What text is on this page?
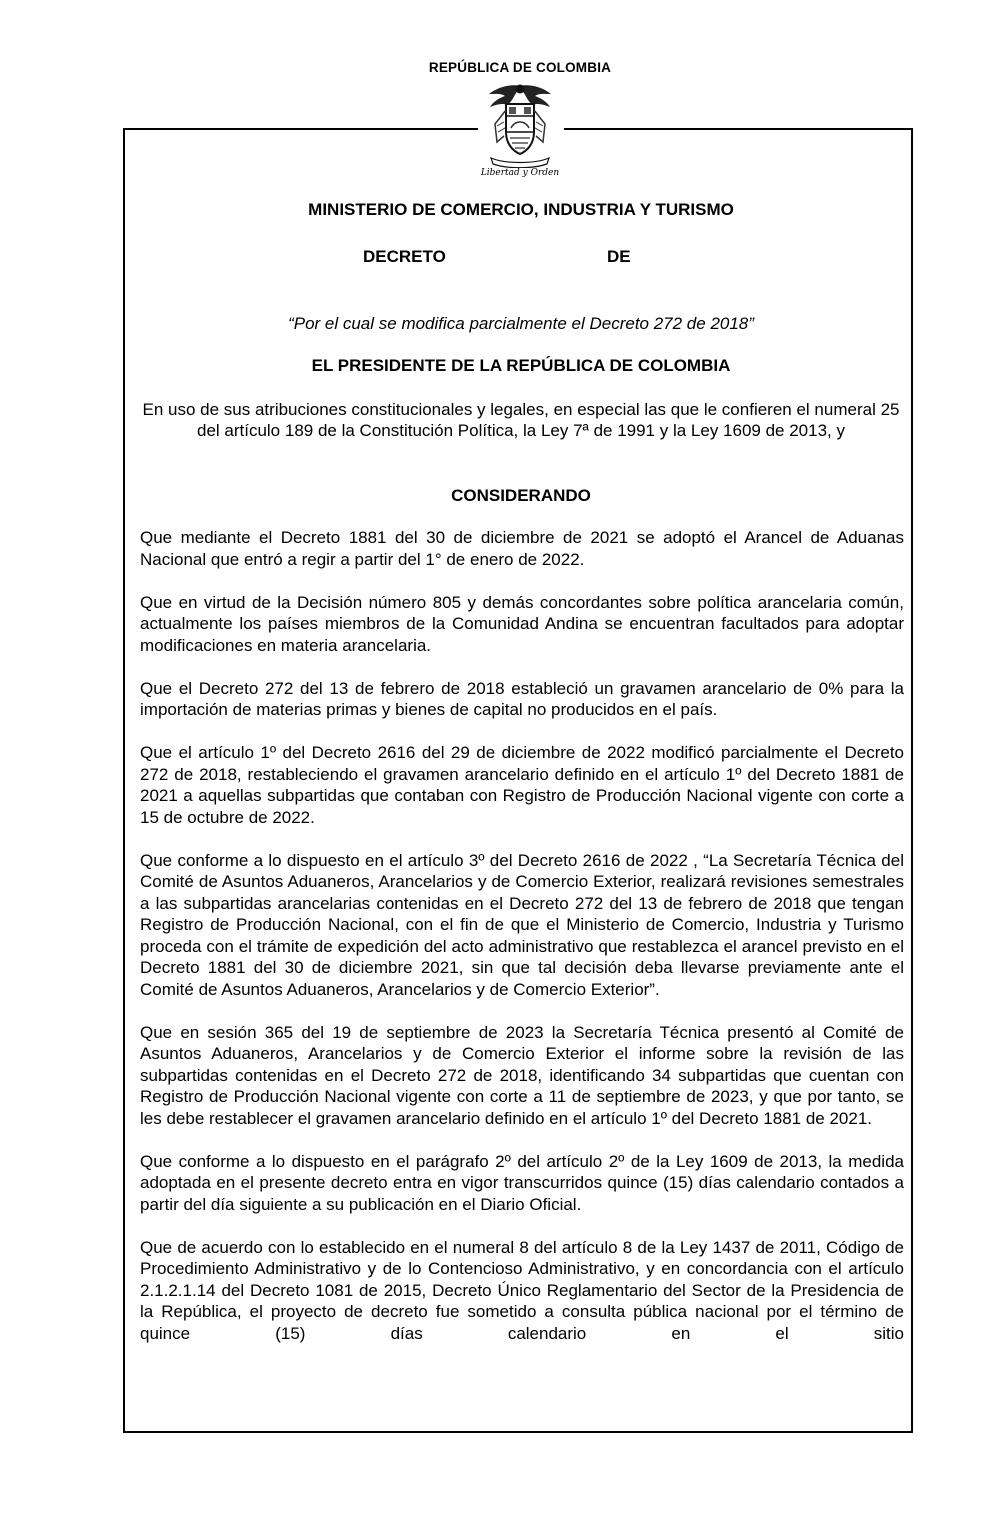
REPÚBLICA DE COLOMBIA
Libertad y Orden
MINISTERIO DE COMERCIO, INDUSTRIA Y TURISMO
DECRETO	DE

“Por el cual se modifica parcialmente el Decreto 272 de 2018”

EL PRESIDENTE DE LA REPÚBLICA DE COLOMBIA

En uso de sus atribuciones constitucionales y legales, en especial las que le confieren el numeral 25 del artículo 189 de la Constitución Política, la Ley 7ª de 1991 y la Ley 1609 de 2013, y

CONSIDERANDO

Que mediante el Decreto 1881 del 30 de diciembre de 2021 se adoptó el Arancel de Aduanas Nacional que entró a regir a partir del 1° de enero de 2022.

Que en virtud de la Decisión número 805 y demás concordantes sobre política arancelaria común, actualmente los países miembros de la Comunidad Andina se encuentran facultados para adoptar modificaciones en materia arancelaria.

Que el Decreto 272 del 13 de febrero de 2018 estableció un gravamen arancelario de 0% para la importación de materias primas y bienes de capital no producidos en el país.

Que el artículo 1º del Decreto 2616 del 29 de diciembre de 2022 modificó parcialmente el Decreto 272 de 2018, restableciendo el gravamen arancelario definido en el artículo 1º del Decreto 1881 de 2021 a aquellas subpartidas que contaban con Registro de Producción Nacional vigente con corte a 15 de octubre de 2022.

Que conforme a lo dispuesto en el artículo 3º del Decreto 2616 de 2022 , “La Secretaría Técnica del Comité de Asuntos Aduaneros, Arancelarios y de Comercio Exterior, realizará revisiones semestrales a las subpartidas arancelarias contenidas en el Decreto 272 del 13 de febrero de 2018 que tengan Registro de Producción Nacional, con el fin de que el Ministerio de Comercio, Industria y Turismo proceda con el trámite de expedición del acto administrativo que restablezca el arancel previsto en el Decreto 1881 del 30 de diciembre 2021, sin que tal decisión deba llevarse previamente ante el Comité de Asuntos Aduaneros, Arancelarios y de Comercio Exterior”.

Que en sesión 365 del 19 de septiembre de 2023 la Secretaría Técnica presentó al Comité de Asuntos Aduaneros, Arancelarios y de Comercio Exterior el informe sobre la revisión de las subpartidas contenidas en el Decreto 272 de 2018, identificando 34 subpartidas que cuentan con Registro de Producción Nacional vigente con corte a 11 de septiembre de 2023, y que por tanto, se les debe restablecer el gravamen arancelario definido en el artículo 1º del Decreto 1881 de 2021.

Que conforme a lo dispuesto en el parágrafo 2º del artículo 2º de la Ley 1609 de 2013, la medida adoptada en el presente decreto entra en vigor transcurridos quince (15) días calendario contados a partir del día siguiente a su publicación en el Diario Oficial.

Que de acuerdo con lo establecido en el numeral 8 del artículo 8 de la Ley 1437 de 2011, Código de Procedimiento Administrativo y de lo Contencioso Administrativo, y en concordancia con el artículo 2.1.2.1.14 del Decreto 1081 de 2015, Decreto Único Reglamentario del Sector de la Presidencia de la República, el proyecto de decreto fue sometido a consulta pública nacional por el término de quince (15) días calendario en el sitio
